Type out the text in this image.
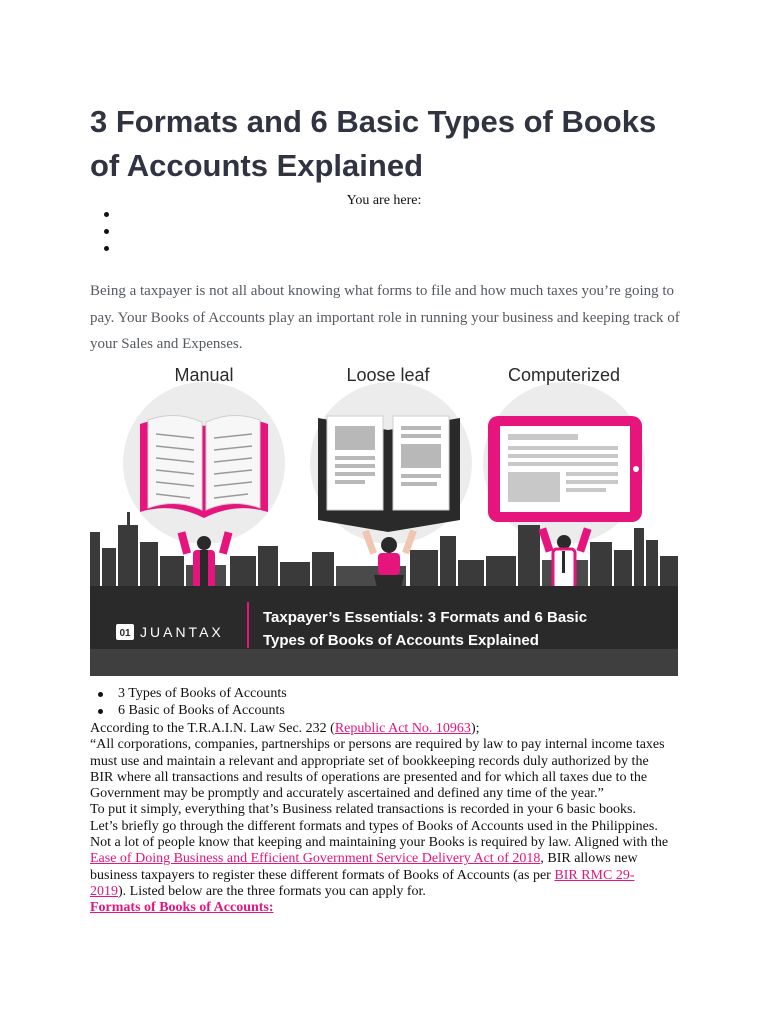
3 Formats and 6 Basic Types of Books of Accounts Explained
You are here:

Being a taxpayer is not all about knowing what forms to file and how much taxes you’re going to pay. Your Books of Accounts play an important role in running your business and keeping track of your Sales and Expenses.

Manual	Loose leaf	Computerized
01 JUANTAX
Taxpayer’s Essentials: 3 Formats and 6 Basic
Types of Books of Accounts Explained
3 Types of Books of Accounts
6 Basic of Books of Accounts

According to the T.R.A.I.N. Law Sec. 232 (Republic Act No. 10963);

“All corporations, companies, partnerships or persons are required by law to pay internal income taxes must use and maintain a relevant and appropriate set of bookkeeping records duly authorized by the BIR where all transactions and results of operations are presented and for which all taxes due to the Government may be promptly and accurately ascertained and defined any time of the year.”

To put it simply, everything that’s Business related transactions is recorded in your 6 basic books.

Let’s briefly go through the different formats and types of Books of Accounts used in the Philippines.

Not a lot of people know that keeping and maintaining your Books is required by law. Aligned with the Ease of Doing Business and Efficient Government Service Delivery Act of 2018, BIR allows new business taxpayers to register these different formats of Books of Accounts (as per BIR RMC 29-2019). Listed below are the three formats you can apply for.

Formats of Books of Accounts:
